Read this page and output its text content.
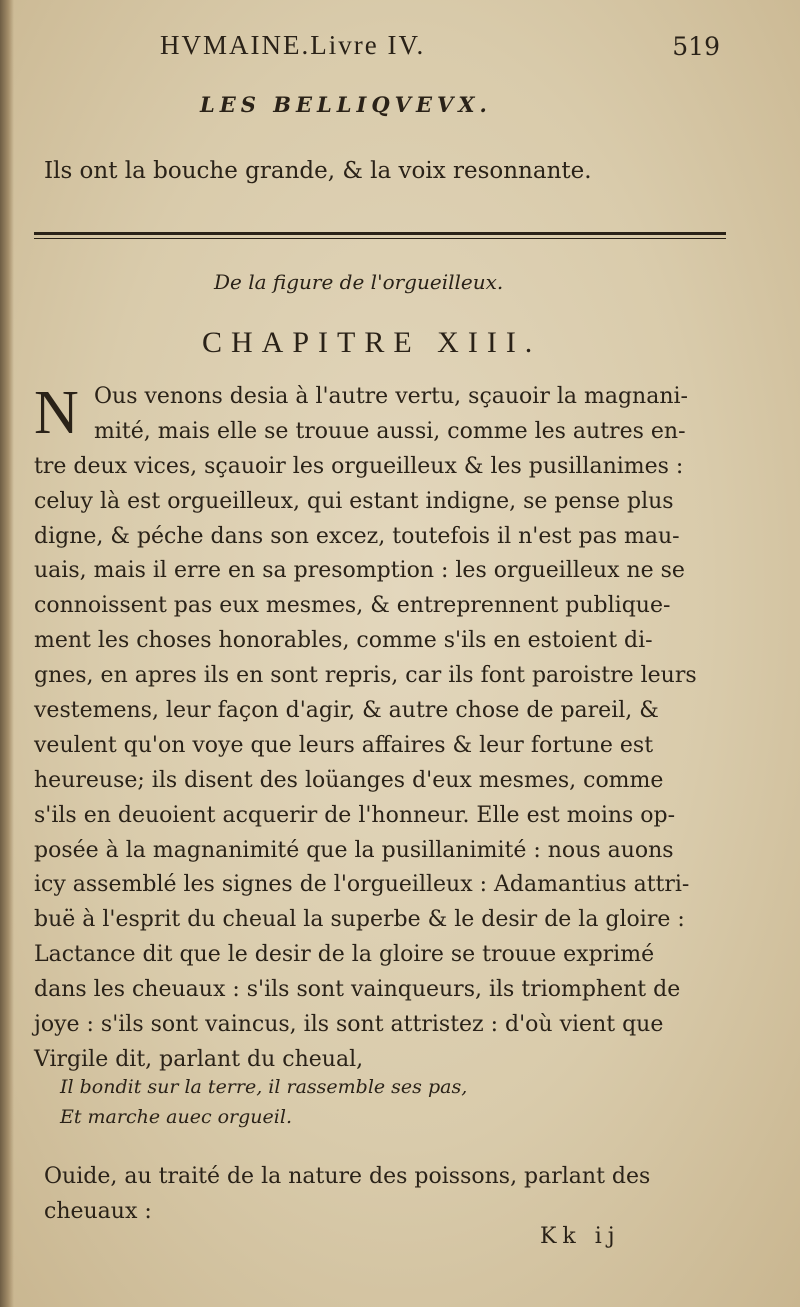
HVMAINE.Livre IV.	519
LES BELLIQVEVX.
Ils ont la bouche grande, & la voix resonnante.
De la figure de l'orgueilleux.
CHAPITRE XIII.
N Ous venons desia à l'autre vertu, sçauoir la magnani-
mité, mais elle se trouue aussi, comme les autres en-
tre deux vices, sçauoir les orgueilleux & les pusillanimes :
celuy là est orgueilleux, qui estant indigne, se pense plus
digne, & péche dans son excez, toutefois il n'est pas mau-
uais, mais il erre en sa presomption : les orgueilleux ne se
connoissent pas eux mesmes, & entreprennent publique-
ment les choses honorables, comme s'ils en estoient di-
gnes, en apres ils en sont repris, car ils font paroistre leurs
vestemens, leur façon d'agir, & autre chose de pareil, &
veulent qu'on voye que leurs affaires & leur fortune est
heureuse; ils disent des loüanges d'eux mesmes, comme
s'ils en deuoient acquerir de l'honneur. Elle est moins op-
posée à la magnanimité que la pusillanimité : nous auons
icy assemblé les signes de l'orgueilleux : Adamantius attri-
buë à l'esprit du cheual la superbe & le desir de la gloire :
Lactance dit que le desir de la gloire se trouue exprimé
dans les cheuaux : s'ils sont vainqueurs, ils triomphent de
joye : s'ils sont vaincus, ils sont attristez : d'où vient que
Virgile dit, parlant du cheual,
Il bondit sur la terre, il rassemble ses pas,
Et marche auec orgueil.
Ouide, au traité de la nature des poissons, parlant des
cheuaux :
Kk ij
